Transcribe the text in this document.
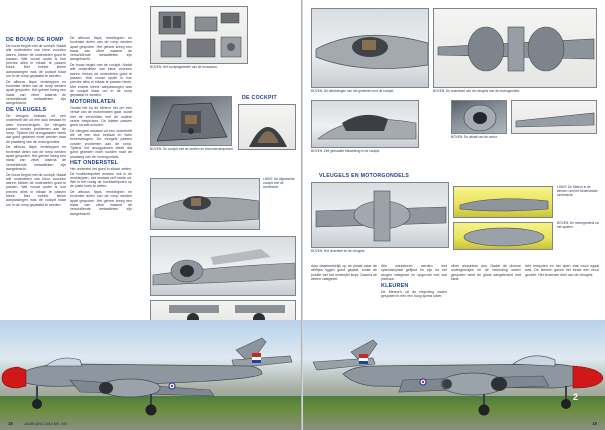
BOVEN: Het cockpitgedeelte van de bouwdoos.
BOVEN: De cockpit met de stoelen en instrumentenpaneel.
DE COCKPIT
LINKS: De afgewerkte cockpit met de schietstoel.
DE BOUW: DE ROMP

De bouw begint met de cockpit. Nadat alle onderdelen van kleur voorzien waren, bleken de onderdelen goed te passen. Wat vooral opviel is hoe precies alles in elkaar te passen bleek. Met enkele kleine aanpassingen was de cockpit klaar om in de romp geplaatst te worden.

De afbouw, flaps, remkleppen en bovenste delen van de romp werden apart gespoten. Het geheel kreeg een basis van zilver waarna de verschillende metaaltinten zijn aangebracht.

DE VLEUGELS

De vleugels bestaan uit een onderhelft die uit een stuk bestaat en twee bovenvleugels. De vleugels passen zonder problemen aan de romp. Tijdens het droogpassen bleek dat goed gekeken moet worden naar de plaatsing van de motorgondels.

De afbouw, flaps, remkleppen en bovenste delen van de romp werden apart gespoten. Het geheel kreeg een basis van zilver waarna de verschillende metaaltinten zijn aangebracht.

De bouw begint met de cockpit. Nadat alle onderdelen van kleur voorzien waren, bleken de onderdelen goed te passen. Wat vooral opviel is hoe precies alles in elkaar te passen bleek. Met enkele kleine aanpassingen was de cockpit klaar om in de romp geplaatst te worden.

De afbouw, flaps, remkleppen en bovenste delen van de romp werden apart gespoten. Het geheel kreeg een basis van zilver waarna de verschillende metaaltinten zijn aangebracht.

De bouw begint met de cockpit. Nadat alle onderdelen van kleur voorzien waren, bleken de onderdelen goed te passen. Wat vooral opviel is hoe precies alles in elkaar te passen bleek. Met enkele kleine aanpassingen was de cockpit klaar om in de romp geplaatst te worden.

MOTORINLATEN

Omdat het bij de Meteor het om een versie van de motorinlaten gaat, wordt hier de verschillen met de oudere versie besproken. De inlaten passen goed na wat schuren.

De vleugels bestaan uit een onderhelft die uit een stuk bestaat en twee bovenvleugels. De vleugels passen zonder problemen aan de romp. Tijdens het droogpassen bleek dat goed gekeken moet worden naar de plaatsing van de motorgondels.

HET ONDERSTEL

Het onderstel liet goed in elkaar zetten. De hoofdwielpoten moeten ook in de remkleppen, dat bestaat zelf reeds uit. Wel is het nodig de hoofdwielpoten op de juiste hoek te zetten.

De afbouw, flaps, remkleppen en bovenste delen van de romp werden apart gespoten. Het geheel kreeg een basis van zilver waarna de verschillende metaaltinten zijn aangebracht.

18	JAARGANG 2015 NR. 040
BOVEN: De afdekkingen van het gedeelte rond de cockpit.	BOVEN: De onderkant van de vleugels met de motorgondels.
BOVEN: Zelf gemaakte bekabeling in de cockpit.
BOVEN: De uitlaat van de motor.
VLEUGELS EN MOTORGONDELS
BOVEN: Het onderstel en de vleugels.
LINKS: De Meteor in de kleuren van het Nederlandse luchtmacht.
BOVEN: De motorgondels na het spuiten.

door daadwerkelijk op de plaats waar de wieltjes liggen goed gepast, zodat de positie van het onderstel klopt. Daarna de wielen vastgezet.

Alle wieldeuren werden met cyanoacrylaat gelijmd en zijn na het drogen vastgezet en opgevuld met wat plamuur.

KLEUREN

De Meteor's uit de begroting waren gespoten in een mix hoog speed silver.

zilver aluminium dus. Nadat de diverse ondergrondjes en de bekleding waren gespoten werd de glans aangebracht met klear.

licht bespoten en het open vlak mooi egaal was. De kleuren gaven het beste een mooi gezicht. Het bovenste deel van de vleugels.

2
19
